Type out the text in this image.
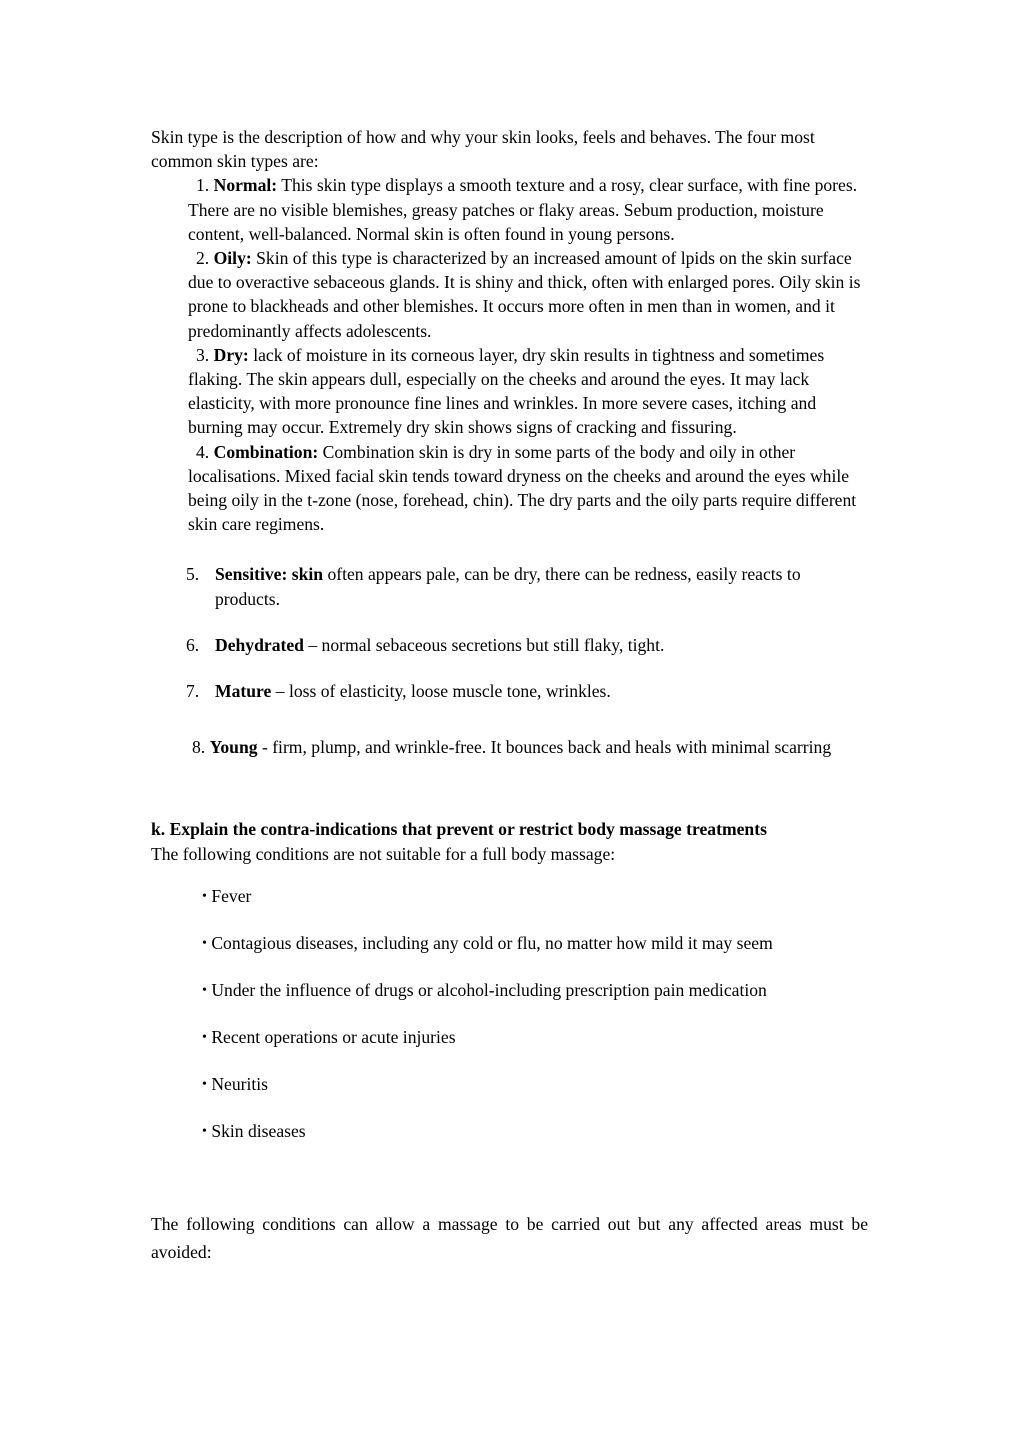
Skin type is the description of how and why your skin looks, feels and behaves. The four most common skin types are:

1. Normal: This skin type displays a smooth texture and a rosy, clear surface, with fine pores. There are no visible blemishes, greasy patches or flaky areas. Sebum production, moisture content, well-balanced. Normal skin is often found in young persons.

2. Oily: Skin of this type is characterized by an increased amount of lpids on the skin surface due to overactive sebaceous glands. It is shiny and thick, often with enlarged pores. Oily skin is prone to blackheads and other blemishes. It occurs more often in men than in women, and it predominantly affects adolescents.

3. Dry: lack of moisture in its corneous layer, dry skin results in tightness and sometimes flaking. The skin appears dull, especially on the cheeks and around the eyes. It may lack elasticity, with more pronounce fine lines and wrinkles. In more severe cases, itching and burning may occur. Extremely dry skin shows signs of cracking and fissuring.

4. Combination: Combination skin is dry in some parts of the body and oily in other localisations. Mixed facial skin tends toward dryness on the cheeks and around the eyes while being oily in the t-zone (nose, forehead, chin). The dry parts and the oily parts require different skin care regimens.

5. Sensitive: skin often appears pale, can be dry, there can be redness, easily reacts to products.
6. Dehydrated – normal sebaceous secretions but still flaky, tight.
7. Mature – loss of elasticity, loose muscle tone, wrinkles.

8. Young - firm, plump, and wrinkle-free. It bounces back and heals with minimal scarring

k. Explain the contra-indications that prevent or restrict body massage treatments

The following conditions are not suitable for a full body massage:

• Fever
• Contagious diseases, including any cold or flu, no matter how mild it may seem
• Under the influence of drugs or alcohol-including prescription pain medication
• Recent operations or acute injuries
• Neuritis
• Skin diseases

The following conditions can allow a massage to be carried out but any affected areas must be avoided:
